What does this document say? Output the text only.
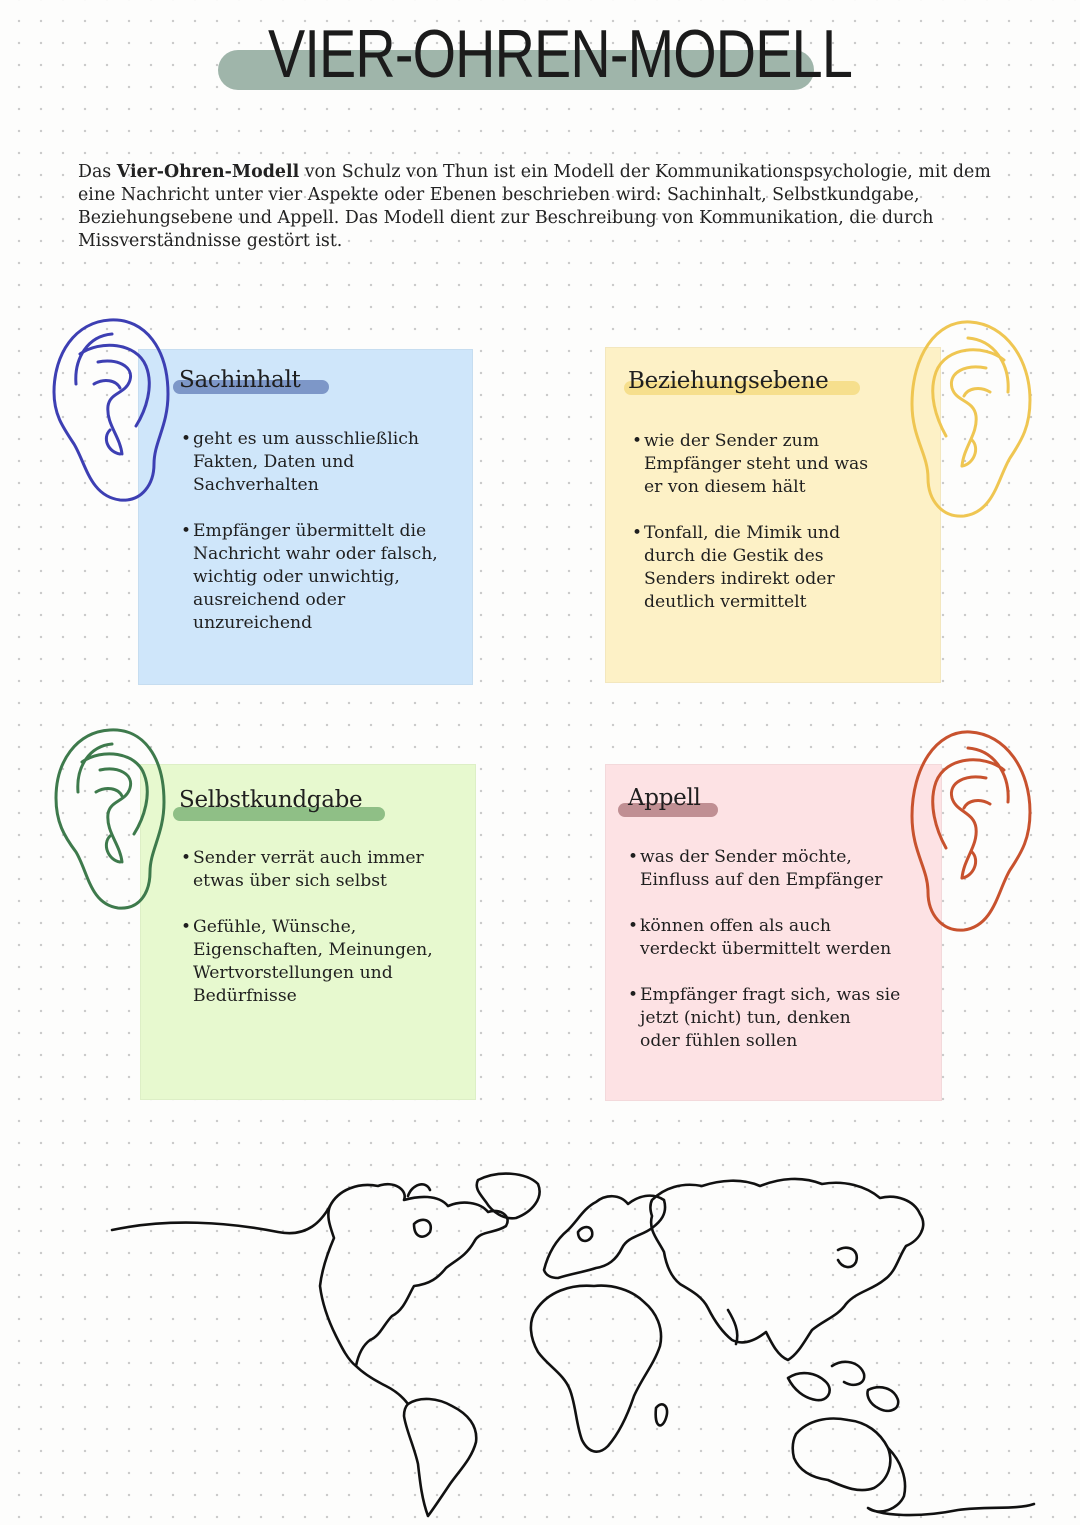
VIER-OHREN-MODELL

Das Vier-Ohren-Modell von Schulz von Thun ist ein Modell der Kommunikationspsychologie, mit dem eine Nachricht unter vier Aspekte oder Ebenen beschrieben wird: Sachinhalt, Selbstkundgabe, Beziehungsebene und Appell. Das Modell dient zur Beschreibung von Kommunikation, die durch Missverständnisse gestört ist.

Sachinhalt
• geht es um ausschließlich
Fakten, Daten und
Sachverhalten
• Empfänger übermittelt die
Nachricht wahr oder falsch,
wichtig oder unwichtig,
ausreichend oder
unzureichend
Beziehungsebene
• wie der Sender zum
Empfänger steht und was
er von diesem hält
• Tonfall, die Mimik und
durch die Gestik des
Senders indirekt oder
deutlich vermittelt
Selbstkundgabe
• Sender verrät auch immer
etwas über sich selbst
• Gefühle, Wünsche,
Eigenschaften, Meinungen,
Wertvorstellungen und
Bedürfnisse
Appell
• was der Sender möchte,
Einfluss auf den Empfänger
• können offen als auch
verdeckt übermittelt werden
• Empfänger fragt sich, was sie
jetzt (nicht) tun, denken
oder fühlen sollen
